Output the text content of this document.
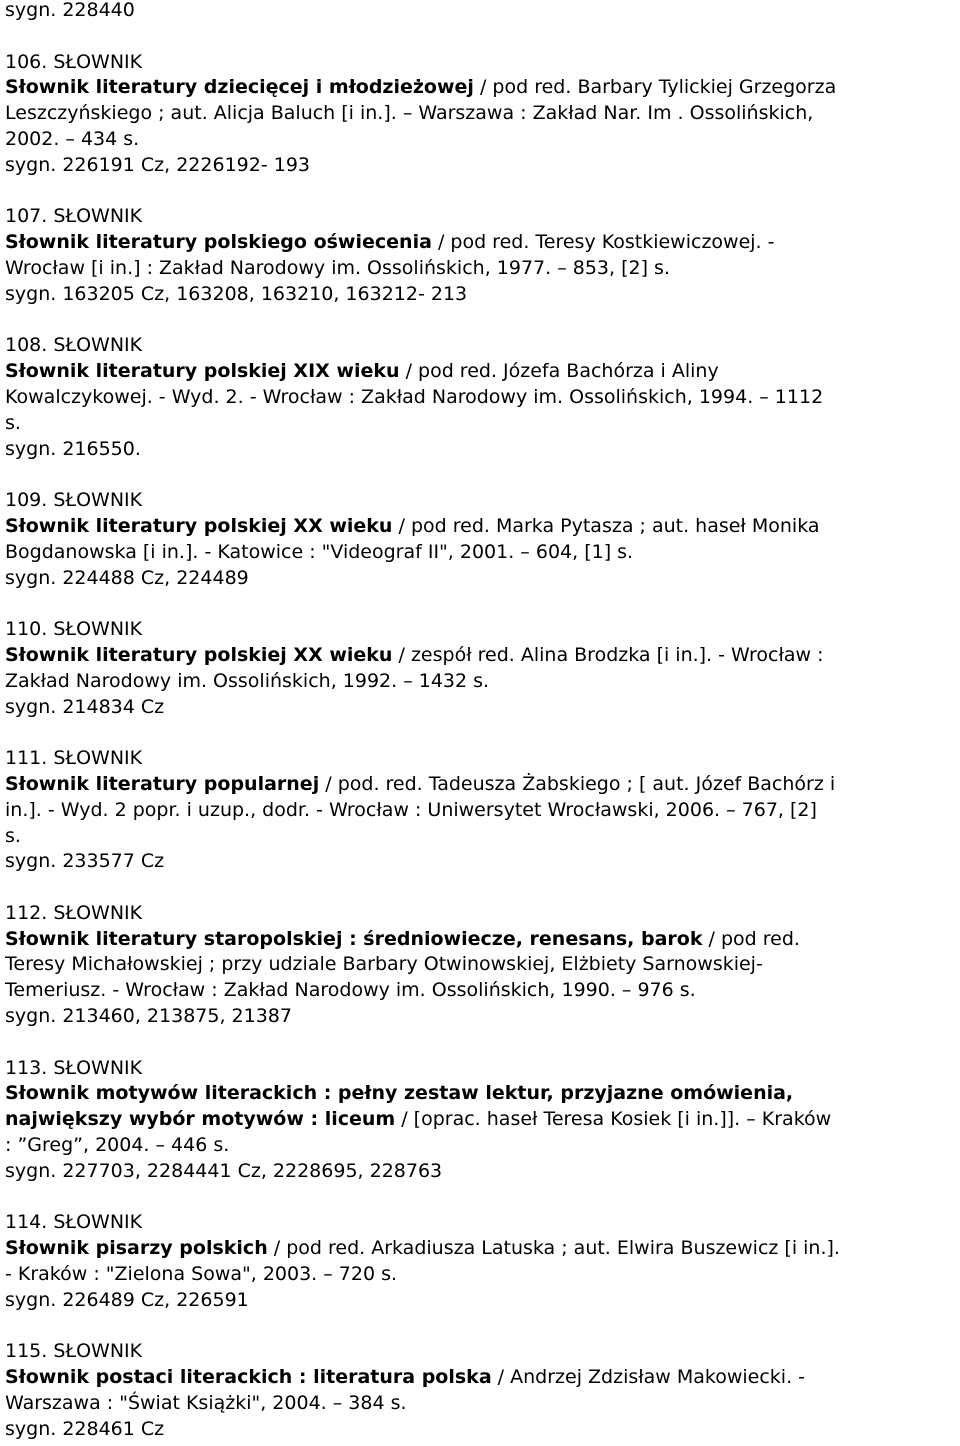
sygn. 228440
106. SŁOWNIK
Słownik literatury dziecięcej i młodzieżowej / pod red. Barbary Tylickiej Grzegorza
Leszczyńskiego ; aut. Alicja Baluch [i in.]. – Warszawa : Zakład Nar. Im . Ossolińskich,
2002. – 434 s.
sygn. 226191 Cz, 2226192- 193
107. SŁOWNIK
Słownik literatury polskiego oświecenia / pod red. Teresy Kostkiewiczowej. -
Wrocław [i in.] : Zakład Narodowy im. Ossolińskich, 1977. – 853, [2] s.
sygn. 163205 Cz, 163208, 163210, 163212- 213
108. SŁOWNIK
Słownik literatury polskiej XIX wieku / pod red. Józefa Bachórza i Aliny
Kowalczykowej. - Wyd. 2. - Wrocław : Zakład Narodowy im. Ossolińskich, 1994. – 1112
s.
sygn. 216550.
109. SŁOWNIK
Słownik literatury polskiej XX wieku / pod red. Marka Pytasza ; aut. haseł Monika
Bogdanowska [i in.]. - Katowice : "Videograf II", 2001. – 604, [1] s.
sygn. 224488 Cz, 224489
110. SŁOWNIK
Słownik literatury polskiej XX wieku / zespół red. Alina Brodzka [i in.]. - Wrocław :
Zakład Narodowy im. Ossolińskich, 1992. – 1432 s.
sygn. 214834 Cz
111. SŁOWNIK
Słownik literatury popularnej / pod. red. Tadeusza Żabskiego ; [ aut. Józef Bachórz i
in.]. - Wyd. 2 popr. i uzup., dodr. - Wrocław : Uniwersytet Wrocławski, 2006. – 767, [2]
s.
sygn. 233577 Cz
112. SŁOWNIK
Słownik literatury staropolskiej : średniowiecze, renesans, barok / pod red.
Teresy Michałowskiej ; przy udziale Barbary Otwinowskiej, Elżbiety Sarnowskiej-
Temeriusz. - Wrocław : Zakład Narodowy im. Ossolińskich, 1990. – 976 s.
sygn. 213460, 213875, 21387
113. SŁOWNIK
Słownik motywów literackich : pełny zestaw lektur, przyjazne omówienia,
największy wybór motywów : liceum / [oprac. haseł Teresa Kosiek [i in.]]. – Kraków
: ”Greg”, 2004. – 446 s.
sygn. 227703, 2284441 Cz, 2228695, 228763
114. SŁOWNIK
Słownik pisarzy polskich / pod red. Arkadiusza Latuska ; aut. Elwira Buszewicz [i in.].
- Kraków : "Zielona Sowa", 2003. – 720 s.
sygn. 226489 Cz, 226591
115. SŁOWNIK
Słownik postaci literackich : literatura polska / Andrzej Zdzisław Makowiecki. -
Warszawa : "Świat Książki", 2004. – 384 s.
sygn. 228461 Cz
